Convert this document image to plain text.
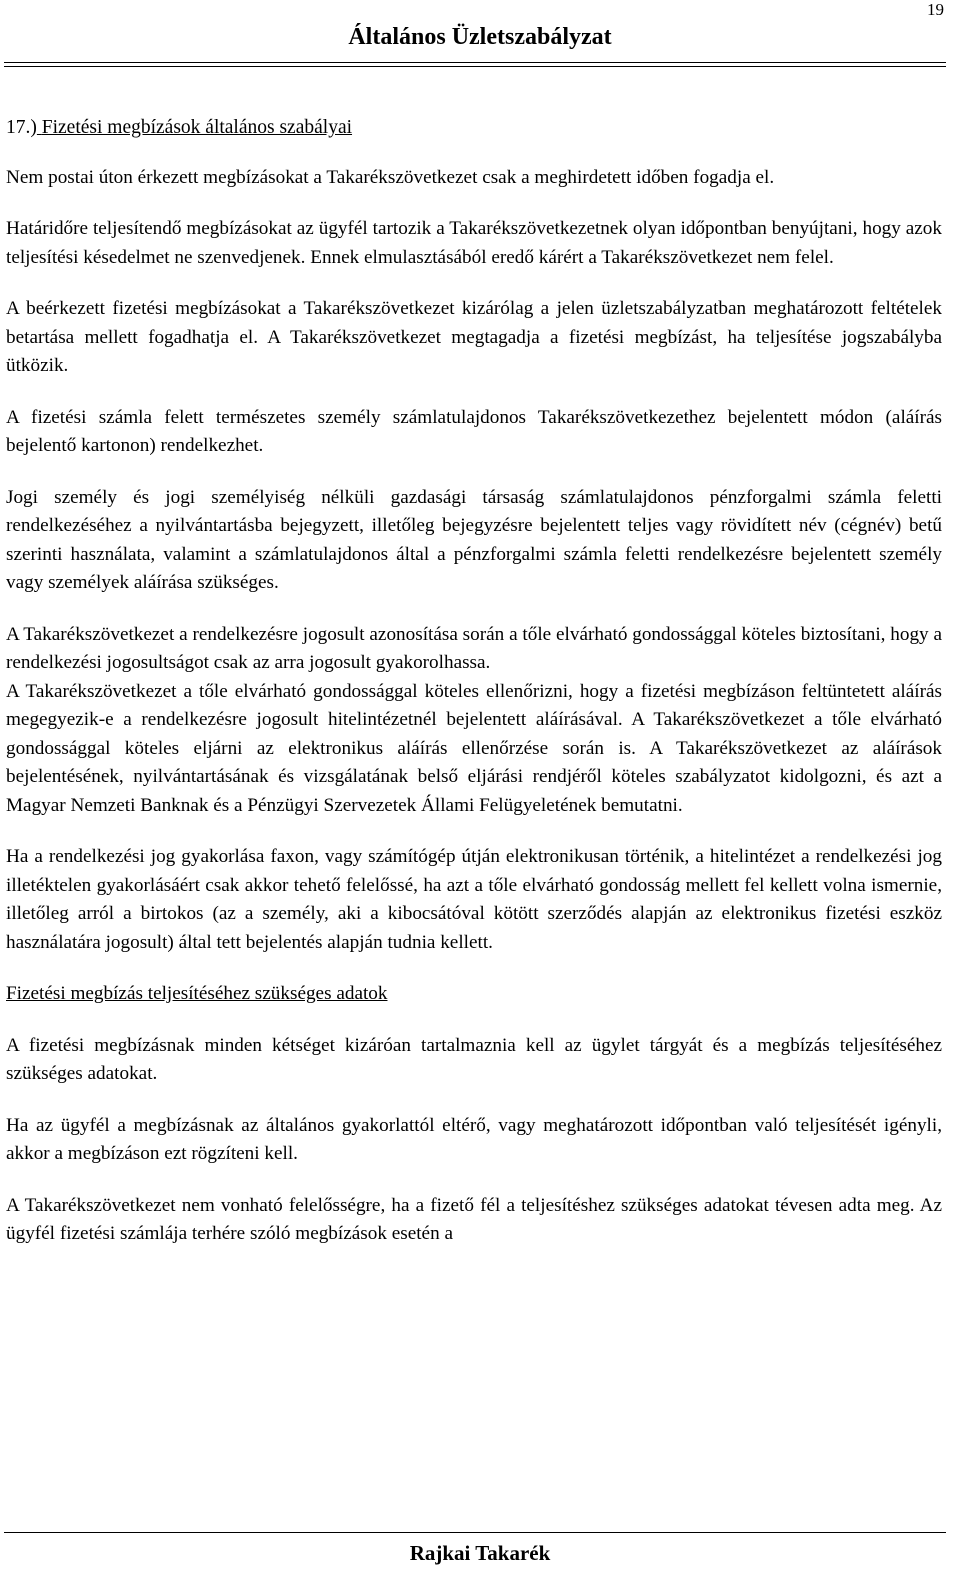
19
Általános Üzletszabályzat
17.) Fizetési megbízások általános szabályai

Nem postai úton érkezett megbízásokat a Takarékszövetkezet csak a meghirdetett időben fogadja el.

Határidőre teljesítendő megbízásokat az ügyfél tartozik a Takarékszövetkezetnek olyan időpontban benyújtani, hogy azok teljesítési késedelmet ne szenvedjenek. Ennek elmulasztásából eredő kárért a Takarékszövetkezet nem felel.

A beérkezett fizetési megbízásokat a Takarékszövetkezet kizárólag a jelen üzletszabályzatban meghatározott feltételek betartása mellett fogadhatja el. A Takarékszövetkezet megtagadja a fizetési megbízást, ha teljesítése jogszabályba ütközik.

A fizetési számla felett természetes személy számlatulajdonos Takarékszövetkezethez bejelentett módon (aláírás bejelentő kartonon) rendelkezhet.

Jogi személy és jogi személyiség nélküli gazdasági társaság számlatulajdonos pénzforgalmi számla feletti rendelkezéséhez a nyilvántartásba bejegyzett, illetőleg bejegyzésre bejelentett teljes vagy rövidített név (cégnév) betű szerinti használata, valamint a számlatulajdonos által a pénzforgalmi számla feletti rendelkezésre bejelentett személy vagy személyek aláírása szükséges.

A Takarékszövetkezet a rendelkezésre jogosult azonosítása során a tőle elvárható gondossággal köteles biztosítani, hogy a rendelkezési jogosultságot csak az arra jogosult gyakorolhassa.

A Takarékszövetkezet a tőle elvárható gondossággal köteles ellenőrizni, hogy a fizetési megbízáson feltüntetett aláírás megegyezik-e a rendelkezésre jogosult hitelintézetnél bejelentett aláírásával. A Takarékszövetkezet a tőle elvárható gondossággal köteles eljárni az elektronikus aláírás ellenőrzése során is. A Takarékszövetkezet az aláírások bejelentésének, nyilvántartásának és vizsgálatának belső eljárási rendjéről köteles szabályzatot kidolgozni, és azt a Magyar Nemzeti Banknak és a Pénzügyi Szervezetek Állami Felügyeletének bemutatni.

Ha a rendelkezési jog gyakorlása faxon, vagy számítógép útján elektronikusan történik, a hitelintézet a rendelkezési jog illetéktelen gyakorlásáért csak akkor tehető felelőssé, ha azt a tőle elvárható gondosság mellett fel kellett volna ismernie, illetőleg arról a birtokos (az a személy, aki a kibocsátóval kötött szerződés alapján az elektronikus fizetési eszköz használatára jogosult) által tett bejelentés alapján tudnia kellett.

Fizetési megbízás teljesítéséhez szükséges adatok

A fizetési megbízásnak minden kétséget kizáróan tartalmaznia kell az ügylet tárgyát és a megbízás teljesítéséhez szükséges adatokat.

Ha az ügyfél a megbízásnak az általános gyakorlattól eltérő, vagy meghatározott időpontban való teljesítését igényli, akkor a megbízáson ezt rögzíteni kell.

A Takarékszövetkezet nem vonható felelősségre, ha a fizető fél a teljesítéshez szükséges adatokat tévesen adta meg. Az ügyfél fizetési számlája terhére szóló megbízások esetén a

Rajkai Takarék
